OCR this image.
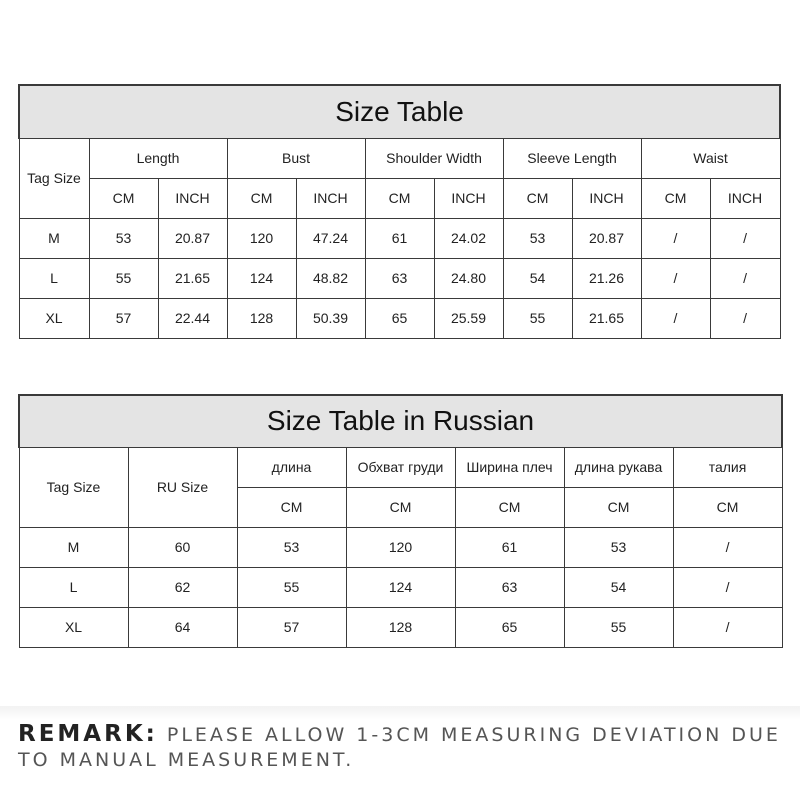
Size Table										
Tag Size	Length		Bust		Shoulder Width		Sleeve Length		Waist	
	CM	INCH	CM	INCH	CM	INCH	CM	INCH	CM	INCH
M	53	20.87	120	47.24	61	24.02	53	20.87	/	/
L	55	21.65	124	48.82	63	24.80	54	21.26	/	/
XL	57	22.44	128	50.39	65	25.59	55	21.65	/	/
Size Table in Russian						
Tag Size	RU Size	длина	Обхват груди	Ширина плеч	длина рукава	талия
		CM	CM	CM	CM	CM
M	60	53	120	61	53	/
L	62	55	124	63	54	/
XL	64	57	128	65	55	/
REMARK: PLEASE ALLOW 1-3CM MEASURING DEVIATION DUE TO MANUAL MEASUREMENT.
